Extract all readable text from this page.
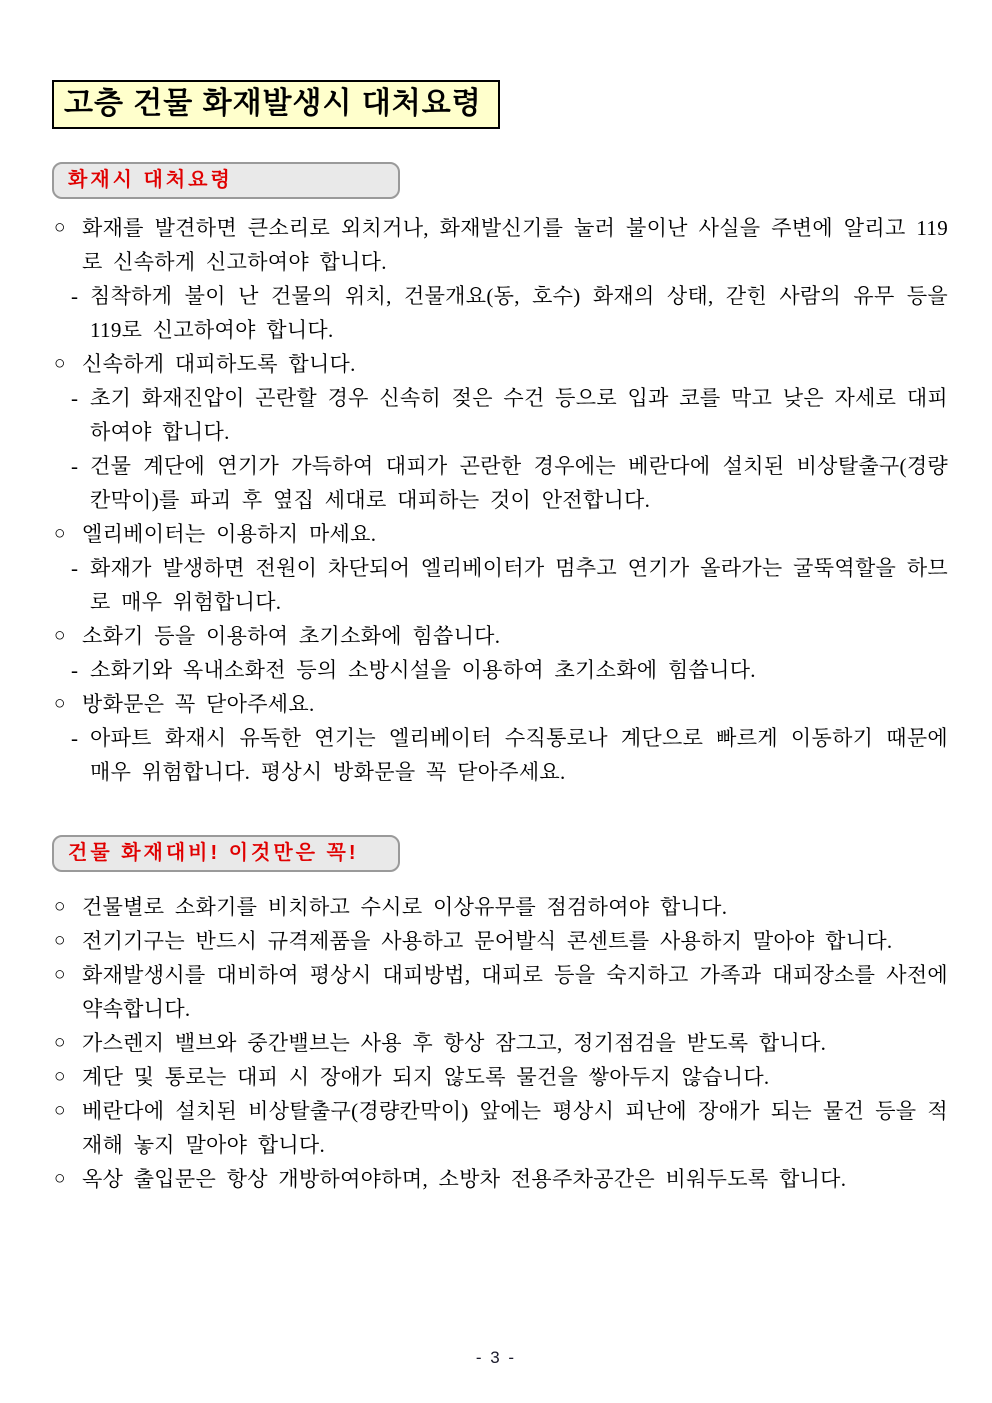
고층 건물 화재발생시 대처요령
화재시 대처요령
○ 화재를 발견하면 큰소리로 외치거나, 화재발신기를 눌러 불이난 사실을 주변에 알리고 119로 신속하게 신고하여야 합니다.
- 침착하게 불이 난 건물의 위치, 건물개요(동, 호수) 화재의 상태, 갇힌 사람의 유무 등을 119로 신고하여야 합니다.
○ 신속하게 대피하도록 합니다.
- 초기 화재진압이 곤란할 경우 신속히 젖은 수건 등으로 입과 코를 막고 낮은 자세로 대피하여야 합니다.
- 건물 계단에 연기가 가득하여 대피가 곤란한 경우에는 베란다에 설치된 비상탈출구(경량칸막이)를 파괴 후 옆집 세대로 대피하는 것이 안전합니다.
○ 엘리베이터는 이용하지 마세요.
- 화재가 발생하면 전원이 차단되어 엘리베이터가 멈추고 연기가 올라가는 굴뚝역할을 하므로 매우 위험합니다.
○ 소화기 등을 이용하여 초기소화에 힘씁니다.
- 소화기와 옥내소화전 등의 소방시설을 이용하여 초기소화에 힘씁니다.
○ 방화문은 꼭 닫아주세요.
- 아파트 화재시 유독한 연기는 엘리베이터 수직통로나 계단으로 빠르게 이동하기 때문에 매우 위험합니다. 평상시 방화문을 꼭 닫아주세요.
건물 화재대비! 이것만은 꼭!
○ 건물별로 소화기를 비치하고 수시로 이상유무를 점검하여야 합니다.
○ 전기기구는 반드시 규격제품을 사용하고 문어발식 콘센트를 사용하지 말아야 합니다.
○ 화재발생시를 대비하여 평상시 대피방법, 대피로 등을 숙지하고 가족과 대피장소를 사전에 약속합니다.
○ 가스렌지 밸브와 중간밸브는 사용 후 항상 잠그고, 정기점검을 받도록 합니다.
○ 계단 및 통로는 대피 시 장애가 되지 않도록 물건을 쌓아두지 않습니다.
○ 베란다에 설치된 비상탈출구(경량칸막이) 앞에는 평상시 피난에 장애가 되는 물건 등을 적재해 놓지 말아야 합니다.
○ 옥상 출입문은 항상 개방하여야하며, 소방차 전용주차공간은 비워두도록 합니다.
- 3 -
